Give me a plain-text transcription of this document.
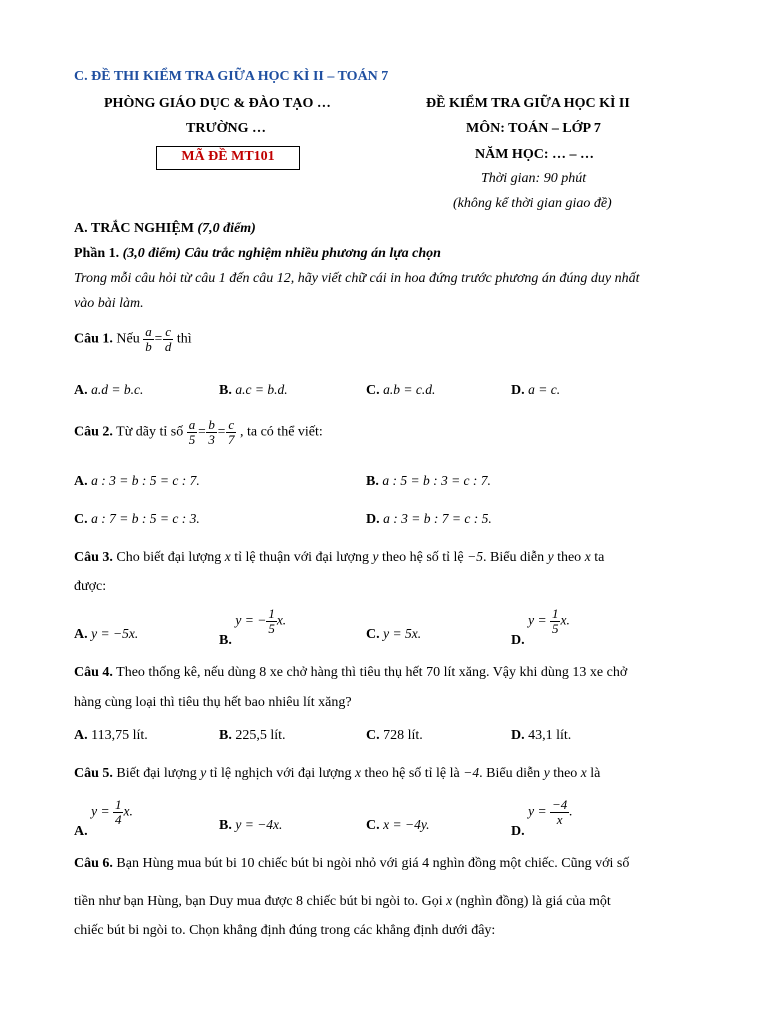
C. ĐỀ THI KIỂM TRA GIỮA HỌC KÌ II – TOÁN 7
PHÒNG GIÁO DỤC & ĐÀO TẠO …
TRƯỜNG …
MÃ ĐỀ MT101
ĐỀ KIỂM TRA GIỮA HỌC KÌ II
MÔN: TOÁN – LỚP 7
NĂM HỌC: … – …
Thời gian: 90 phút
(không kể thời gian giao đề)
A. TRẮC NGHIỆM (7,0 điểm)
Phần 1. (3,0 điểm) Câu trắc nghiệm nhiều phương án lựa chọn
Trong mỗi câu hỏi từ câu 1 đến câu 12, hãy viết chữ cái in hoa đứng trước phương án đúng duy nhất
vào bài làm.
Câu 1. Nếu $\frac{a}{b} = \frac{c}{d}$ thì
A. a.d = b.c.	B. a.c = b.d.	C. a.b = c.d.	D. a = c.
Câu 2. Từ dãy tỉ số $\frac{a}{5} = \frac{b}{3} = \frac{c}{7}$ , ta có thể viết:
A. a : 3 = b : 5 = c : 7.	B. a : 5 = b : 3 = c : 7.
C. a : 7 = b : 5 = c : 3.	D. a : 3 = b : 7 = c : 5.
Câu 3. Cho biết đại lượng x tỉ lệ thuận với đại lượng y theo hệ số tỉ lệ −5. Biểu diễn y theo x ta
được:
A. y = −5x.	B. y = − $\frac{1}{5} x$.
C. y = 5x.	D. $y = \frac{1}{5} x$.
Câu 4. Theo thống kê, nếu dùng 8 xe chở hàng thì tiêu thụ hết 70 lít xăng. Vậy khi dùng 13 xe chở
hàng cùng loại thì tiêu thụ hết bao nhiêu lít xăng?
A. 113,75 lít.	B. 225,5 lít.	C. 728 lít.	D. 43,1 lít.
Câu 5. Biết đại lượng y tỉ lệ nghịch với đại lượng x theo hệ số tỉ lệ là −4. Biểu diễn y theo x là
A. $y = \frac{1}{4} x$.
B. y = −4x.	C. x = −4y.	D. $y = \frac{-4}{x}$ .
Câu 6. Bạn Hùng mua bút bi 10 chiếc bút bi ngòi nhỏ với giá 4 nghìn đồng một chiếc. Cũng với số
tiền như bạn Hùng, bạn Duy mua được 8 chiếc bút bi ngòi to. Gọi x (nghìn đồng) là giá của một
chiếc bút bi ngòi to. Chọn khẳng định đúng trong các khẳng định dưới đây:
